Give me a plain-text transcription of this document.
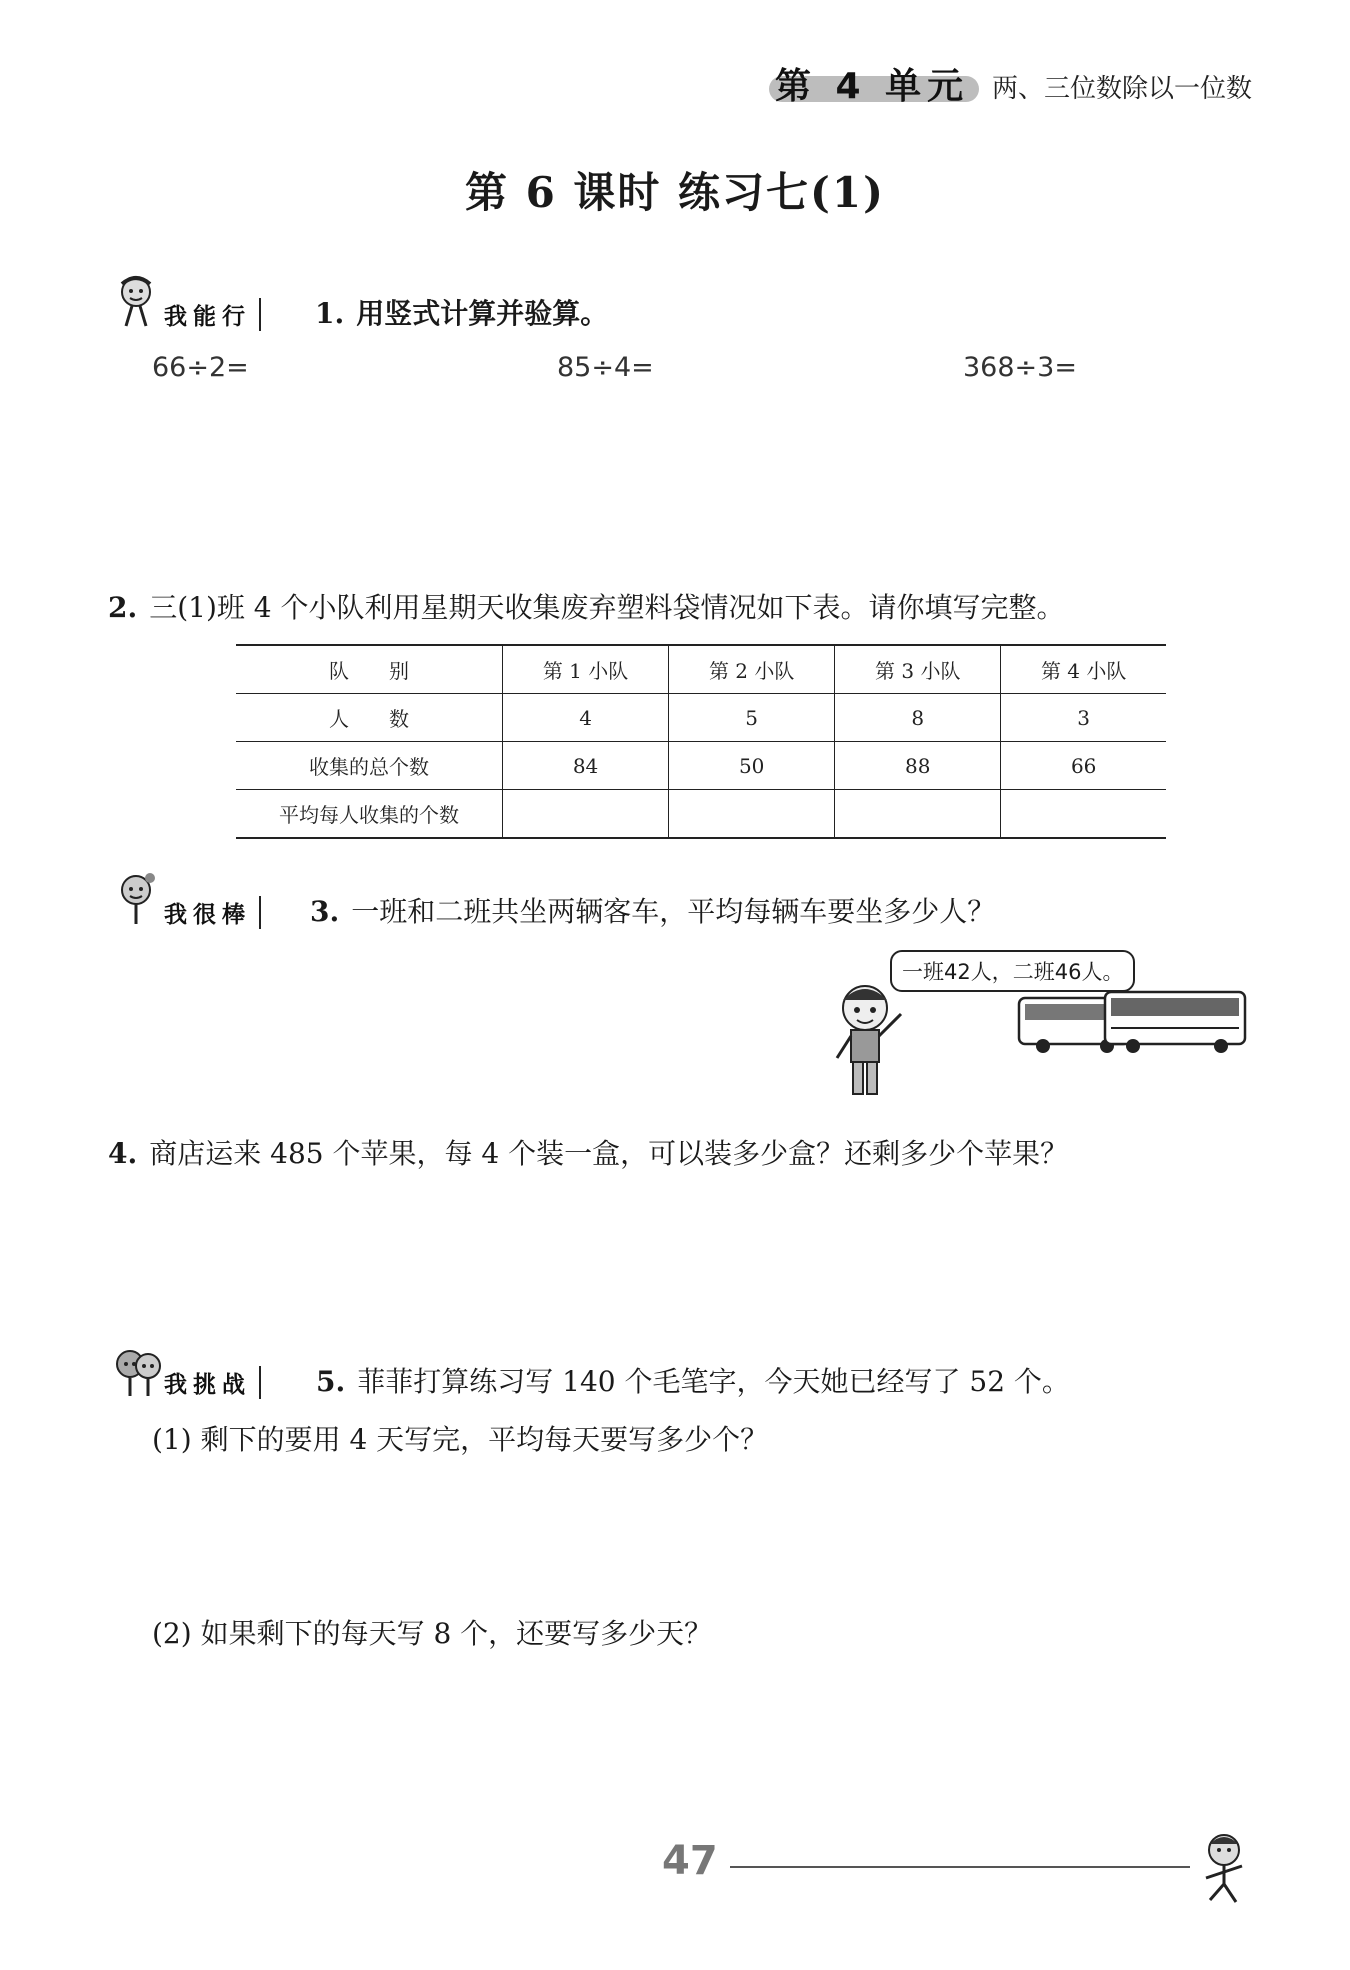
第 4 单元 两、三位数除以一位数
第 6 课时 练习七(1)
我能行	1. 用竖式计算并验算。
66÷2=	85÷4=	368÷3=
2. 三(1)班 4 个小队利用星期天收集废弃塑料袋情况如下表。请你填写完整。
队　　别	第 1 小队	第 2 小队	第 3 小队	第 4 小队
人　　数	4	5	8	3
收集的总个数	84	50	88	66
平均每人收集的个数				
我很棒	3. 一班和二班共坐两辆客车，平均每辆车要坐多少人？
一班42人，二班46人。
4. 商店运来 485 个苹果，每 4 个装一盒，可以装多少盒？还剩多少个苹果？
我挑战	5. 菲菲打算练习写 140 个毛笔字，今天她已经写了 52 个。
(1) 剩下的要用 4 天写完，平均每天要写多少个？
(2) 如果剩下的每天写 8 个，还要写多少天？
47
